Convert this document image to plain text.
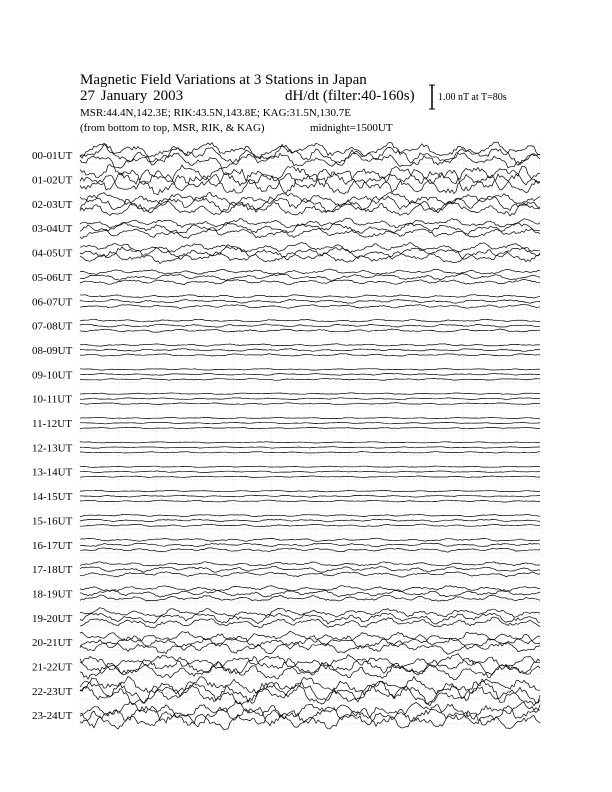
Magnetic Field Variations at 3 Stations in Japan
27 January 2003	dH/dt (filter:40-160s)
MSR:44.4N,142.3E; RIK:43.5N,143.8E; KAG:31.5N,130.7E
(from bottom to top, MSR, RIK, & KAG)	midnight=1500UT
1.00 nT at T=80s
00-01UT
01-02UT
02-03UT
03-04UT
04-05UT
05-06UT
06-07UT
07-08UT
08-09UT
09-10UT
10-11UT
11-12UT
12-13UT
13-14UT
14-15UT
15-16UT
16-17UT
17-18UT
18-19UT
19-20UT
20-21UT
21-22UT
22-23UT
23-24UT
